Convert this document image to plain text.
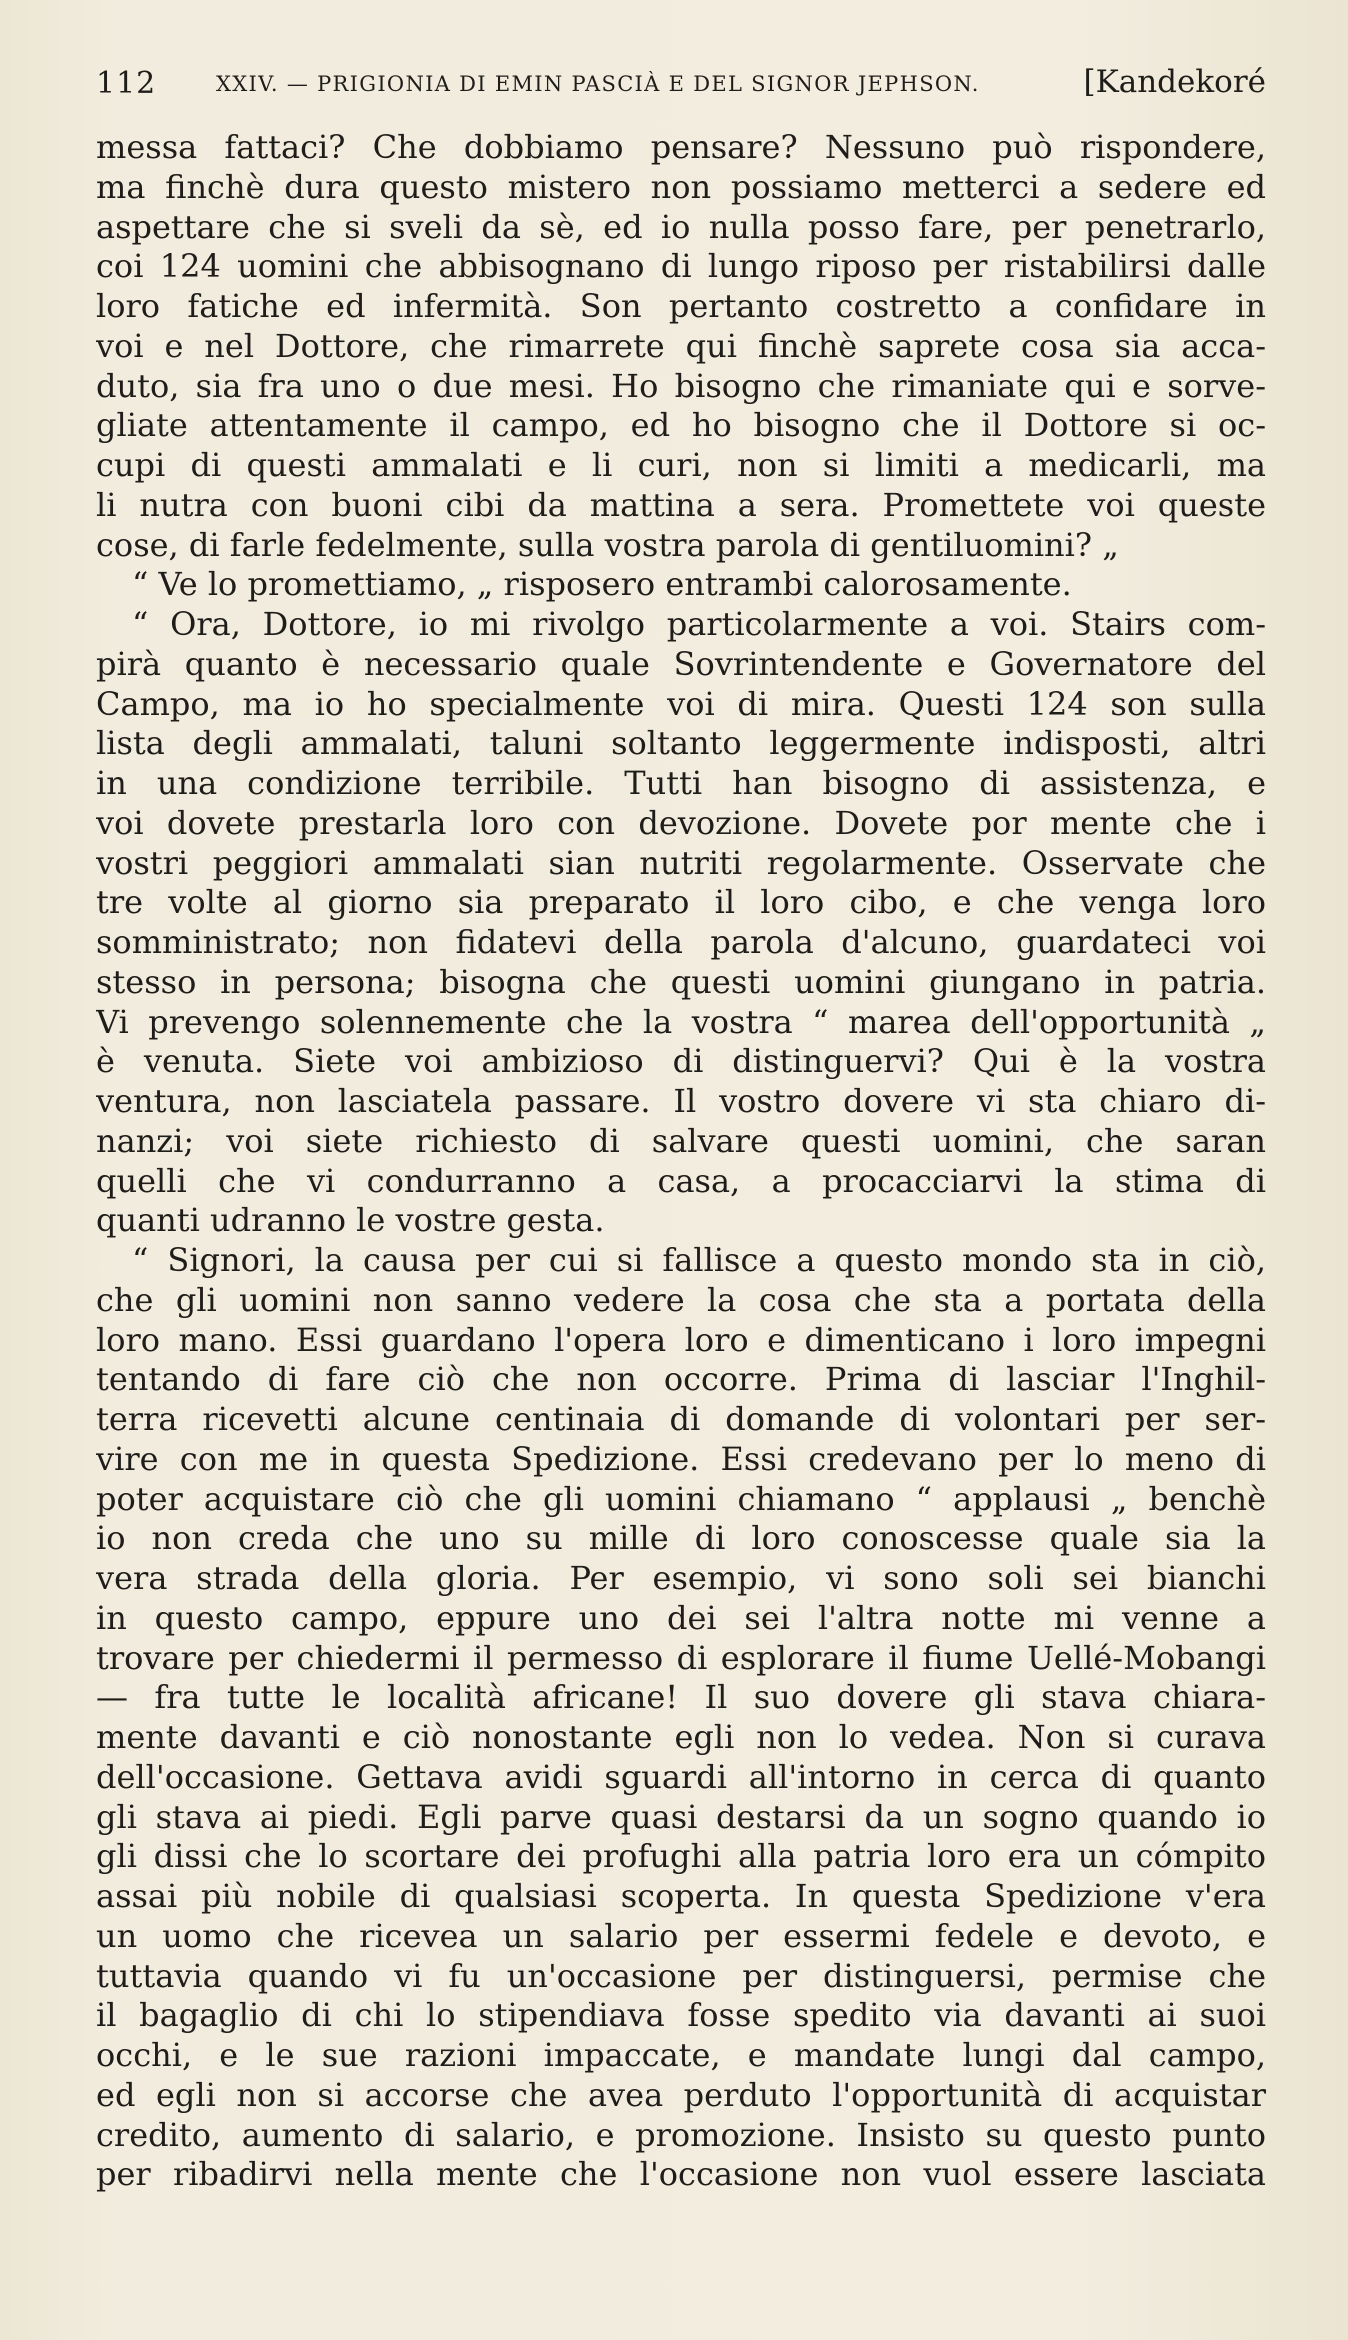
112	XXIV. — PRIGIONIA DI EMIN PASCIÀ E DEL SIGNOR JEPHSON.	[Kandekoré
messa fattaci? Che dobbiamo pensare? Nessuno può rispondere,
ma finchè dura questo mistero non possiamo metterci a sedere ed
aspettare che si sveli da sè, ed io nulla posso fare, per penetrarlo,
coi 124 uomini che abbisognano di lungo riposo per ristabilirsi dalle
loro fatiche ed infermità. Son pertanto costretto a confidare in
voi e nel Dottore, che rimarrete qui finchè saprete cosa sia acca-
duto, sia fra uno o due mesi. Ho bisogno che rimaniate qui e sorve-
gliate attentamente il campo, ed ho bisogno che il Dottore si oc-
cupi di questi ammalati e li curi, non si limiti a medicarli, ma
li nutra con buoni cibi da mattina a sera. Promettete voi queste
cose, di farle fedelmente, sulla vostra parola di gentiluomini? „
“ Ve lo promettiamo, „ risposero entrambi calorosamente.
“ Ora, Dottore, io mi rivolgo particolarmente a voi. Stairs com-
pirà quanto è necessario quale Sovrintendente e Governatore del
Campo, ma io ho specialmente voi di mira. Questi 124 son sulla
lista degli ammalati, taluni soltanto leggermente indisposti, altri
in una condizione terribile. Tutti han bisogno di assistenza, e
voi dovete prestarla loro con devozione. Dovete por mente che i
vostri peggiori ammalati sian nutriti regolarmente. Osservate che
tre volte al giorno sia preparato il loro cibo, e che venga loro
somministrato; non fidatevi della parola d'alcuno, guardateci voi
stesso in persona; bisogna che questi uomini giungano in patria.
Vi prevengo solennemente che la vostra “ marea dell'opportunità „
è venuta. Siete voi ambizioso di distinguervi? Qui è la vostra
ventura, non lasciatela passare. Il vostro dovere vi sta chiaro di-
nanzi; voi siete richiesto di salvare questi uomini, che saran
quelli che vi condurranno a casa, a procacciarvi la stima di
quanti udranno le vostre gesta.
“ Signori, la causa per cui si fallisce a questo mondo sta in ciò,
che gli uomini non sanno vedere la cosa che sta a portata della
loro mano. Essi guardano l'opera loro e dimenticano i loro impegni
tentando di fare ciò che non occorre. Prima di lasciar l'Inghil-
terra ricevetti alcune centinaia di domande di volontari per ser-
vire con me in questa Spedizione. Essi credevano per lo meno di
poter acquistare ciò che gli uomini chiamano “ applausi „ benchè
io non creda che uno su mille di loro conoscesse quale sia la
vera strada della gloria. Per esempio, vi sono soli sei bianchi
in questo campo, eppure uno dei sei l'altra notte mi venne a
trovare per chiedermi il permesso di esplorare il fiume Uellé-Mobangi
— fra tutte le località africane! Il suo dovere gli stava chiara-
mente davanti e ciò nonostante egli non lo vedea. Non si curava
dell'occasione. Gettava avidi sguardi all'intorno in cerca di quanto
gli stava ai piedi. Egli parve quasi destarsi da un sogno quando io
gli dissi che lo scortare dei profughi alla patria loro era un cómpito
assai più nobile di qualsiasi scoperta. In questa Spedizione v'era
un uomo che ricevea un salario per essermi fedele e devoto, e
tuttavia quando vi fu un'occasione per distinguersi, permise che
il bagaglio di chi lo stipendiava fosse spedito via davanti ai suoi
occhi, e le sue razioni impaccate, e mandate lungi dal campo,
ed egli non si accorse che avea perduto l'opportunità di acquistar
credito, aumento di salario, e promozione. Insisto su questo punto
per ribadirvi nella mente che l'occasione non vuol essere lasciata
